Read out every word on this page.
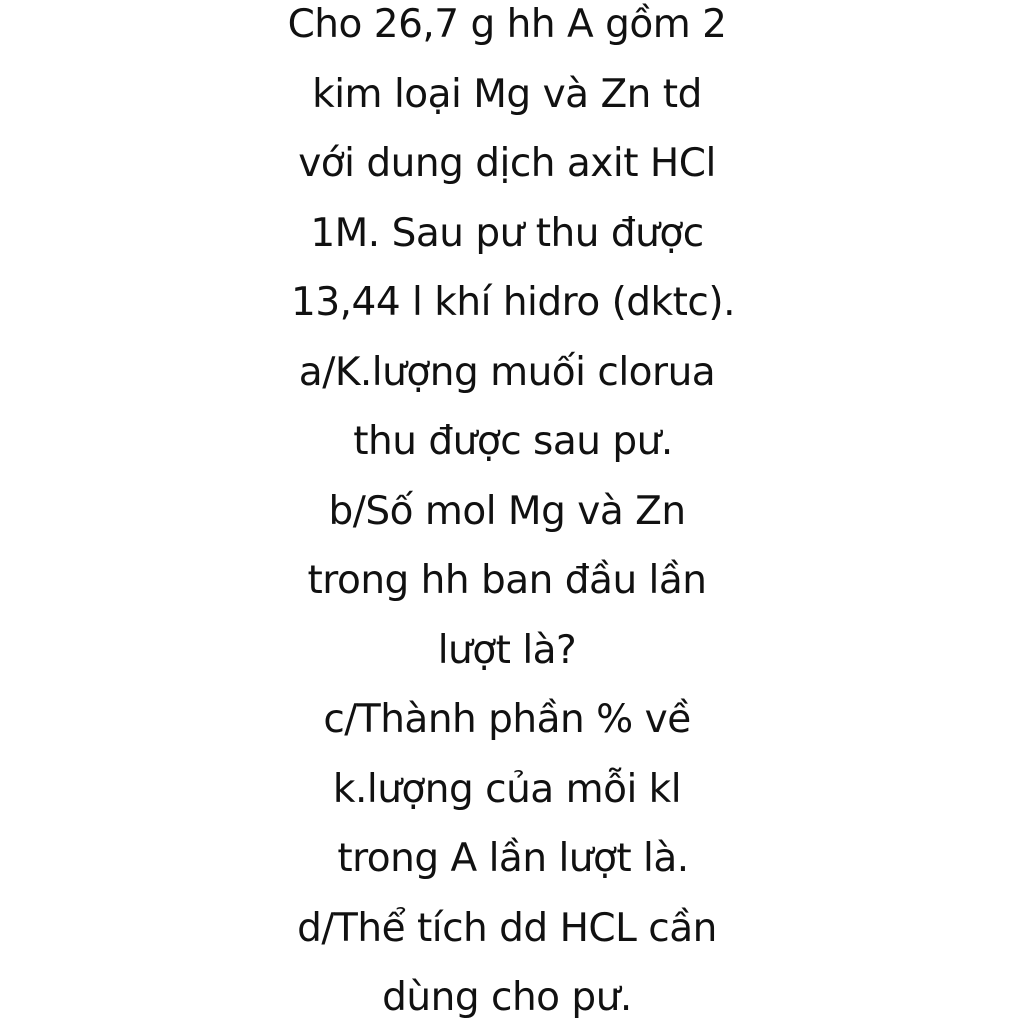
Cho 26,7 g hh A gồm 2
kim loại Mg và Zn td
với dung dịch axit HCl
1M. Sau pư thu được
13,44 l khí hidro (dktc).
a/K.lượng muối clorua
thu được sau pư.
b/Số mol Mg và Zn
trong hh ban đầu lần
lượt là?
c/Thành phần % về
k.lượng của mỗi kl
trong A lần lượt là.
d/Thể tích dd HCL cần
dùng cho pư.
